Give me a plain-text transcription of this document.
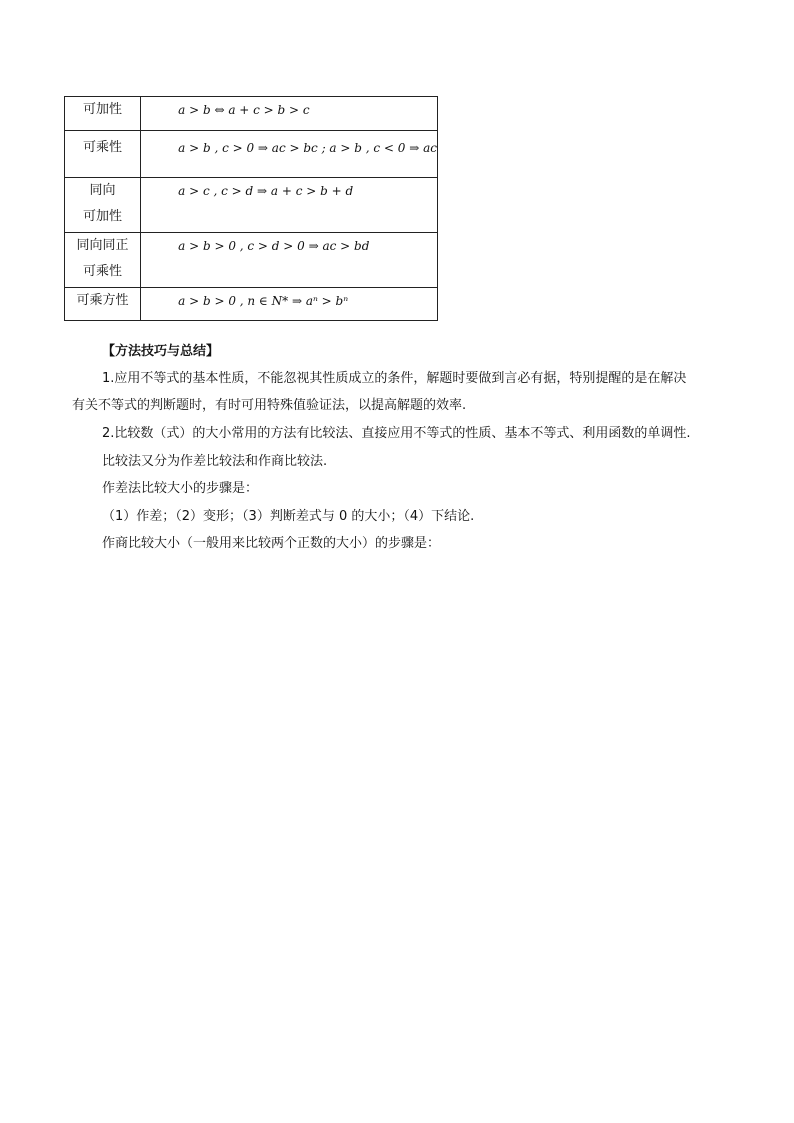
可加性	a > b ⇔ a + c > b > c

可乘性	a > b , c > 0 ⇒ ac > bc ; a > b , c < 0 ⇒ ac

同向
可加性	a > c , c > d ⇒ a + c > b + d

同向同正
可乘性	a > b > 0 , c > d > 0 ⇒ ac > bd

可乘方性	a > b > 0 , n ∈ N* ⇒ aⁿ > bⁿ
【方法技巧与总结】
1.应用不等式的基本性质，不能忽视其性质成立的条件，解题时要做到言必有据，特别提醒的是在解决
有关不等式的判断题时，有时可用特殊值验证法，以提高解题的效率.
2.比较数（式）的大小常用的方法有比较法、直接应用不等式的性质、基本不等式、利用函数的单调性.
比较法又分为作差比较法和作商比较法.
作差法比较大小的步骤是：
（1）作差；（2）变形；（3）判断差式与 0 的大小；（4）下结论.
作商比较大小（一般用来比较两个正数的大小）的步骤是：
